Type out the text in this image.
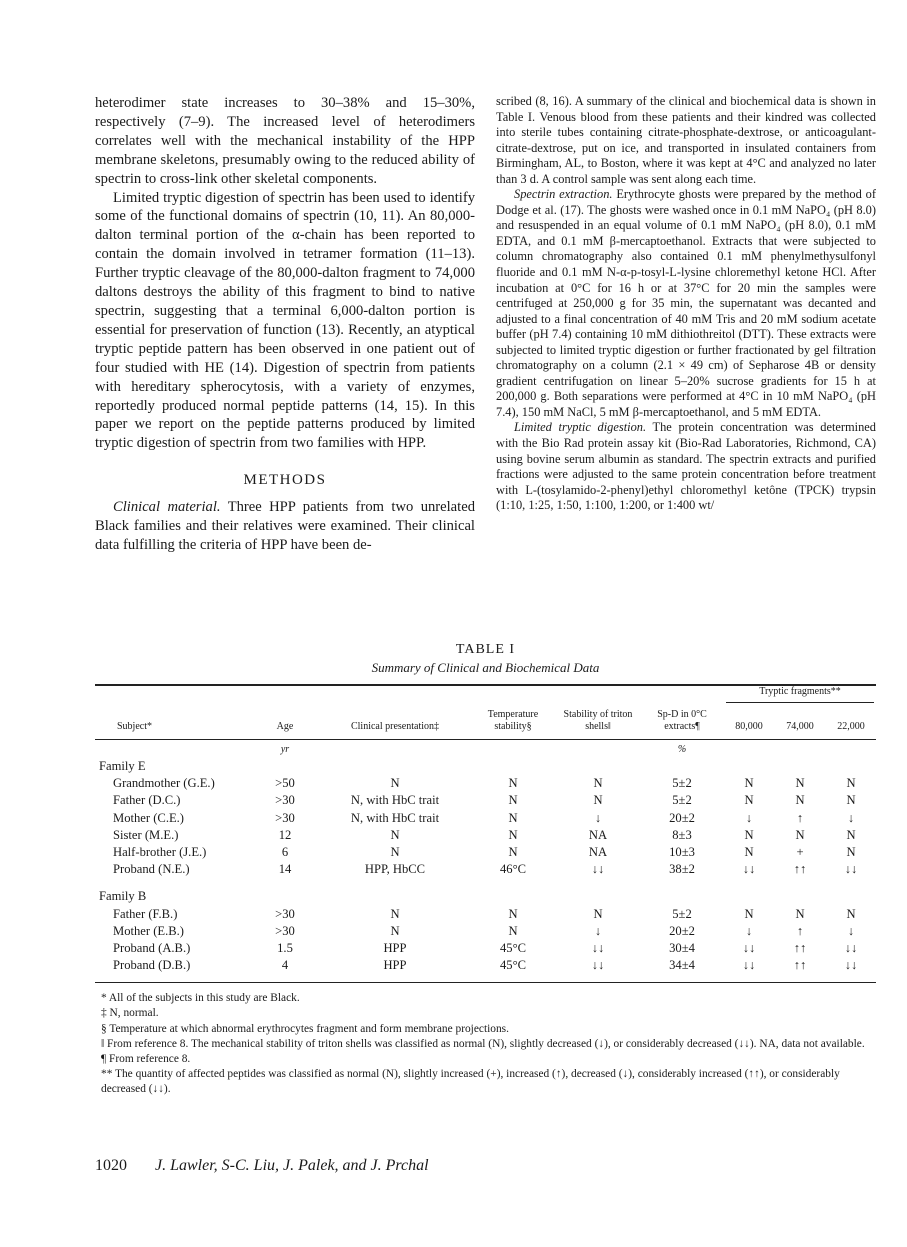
heterodimer state increases to 30–38% and 15–30%, respectively (7–9). The increased level of heterodimers correlates well with the mechanical instability of the HPP membrane skeletons, presumably owing to the reduced ability of spectrin to cross-link other skeletal components.

Limited tryptic digestion of spectrin has been used to identify some of the functional domains of spectrin (10, 11). An 80,000-dalton terminal portion of the α-chain has been reported to contain the domain involved in tetramer formation (11–13). Further tryptic cleavage of the 80,000-dalton fragment to 74,000 daltons destroys the ability of this fragment to bind to native spectrin, suggesting that a terminal 6,000-dalton portion is essential for preservation of function (13). Recently, an atyptical tryptic peptide pattern has been observed in one patient out of four studied with HE (14). Digestion of spectrin from patients with hereditary spherocytosis, with a variety of enzymes, reportedly produced normal peptide patterns (14, 15). In this paper we report on the peptide patterns produced by limited tryptic digestion of spectrin from two families with HPP.

METHODS

Clinical material. Three HPP patients from two unrelated Black families and their relatives were examined. Their clinical data fulfilling the criteria of HPP have been de-

scribed (8, 16). A summary of the clinical and biochemical data is shown in Table I. Venous blood from these patients and their kindred was collected into sterile tubes containing citrate-phosphate-dextrose, or anticoagulant-citrate-dextrose, put on ice, and transported in insulated containers from Birmingham, AL, to Boston, where it was kept at 4°C and analyzed no later than 3 d. A control sample was sent along each time.

Spectrin extraction. Erythrocyte ghosts were prepared by the method of Dodge et al. (17). The ghosts were washed once in 0.1 mM NaPO₄ (pH 8.0) and resuspended in an equal volume of 0.1 mM NaPO₄ (pH 8.0), 0.1 mM EDTA, and 0.1 mM β-mercaptoethanol. Extracts that were subjected to column chromatography also contained 0.1 mM phenylmethysulfonyl fluoride and 0.1 mM N-α-p-tosyl-L-lysine chloremethyl ketone HCl. After incubation at 0°C for 16 h or at 37°C for 20 min the samples were centrifuged at 250,000 g for 35 min, the supernatant was decanted and adjusted to a final concentration of 40 mM Tris and 20 mM sodium acetate buffer (pH 7.4) containing 10 mM dithiothreitol (DTT). These extracts were subjected to limited tryptic digestion or further fractionated by gel filtration chromatography on a column (2.1 × 49 cm) of Sepharose 4B or density gradient centrifugation on linear 5–20% sucrose gradients for 15 h at 200,000 g. Both separations were performed at 4°C in 10 mM NaPO₄ (pH 7.4), 150 mM NaCl, 5 mM β-mercaptoethanol, and 5 mM EDTA.

Limited tryptic digestion. The protein concentration was determined with the Bio Rad protein assay kit (Bio-Rad Laboratories, Richmond, CA) using bovine serum albumin as standard. The spectrin extracts and purified fractions were adjusted to the same protein concentration before treatment with L-(tosylamido-2-phenyl)ethyl chloromethyl ketône (TPCK) trypsin (1:10, 1:25, 1:50, 1:100, 1:200, or 1:400 wt/

TABLE I
Summary of Clinical and Biochemical Data

						Tryptic fragments**		

Subject*	Age	Clinical presentation‡	Temperature stability§	Stability of triton shells‖	Sp-D in 0°C extracts¶	80,000	74,000	22,000
	yr				%			
Family E								
Grandmother (G.E.)	>50	N	N	N	5±2	N	N	N
Father (D.C.)	>30	N, with HbC trait	N	N	5±2	N	N	N
Mother (C.E.)	>30	N, with HbC trait	N	↓	20±2	↓	↑	↓
Sister (M.E.)	12	N	N	NA	8±3	N	N	N
Half-brother (J.E.)	6	N	N	NA	10±3	N	+	N
Proband (N.E.)	14	HPP, HbCC	46°C	↓↓	38±2	↓↓	↑↑	↓↓
Family B								
Father (F.B.)	>30	N	N	N	5±2	N	N	N
Mother (E.B.)	>30	N	N	↓	20±2	↓	↑	↓
Proband (A.B.)	1.5	HPP	45°C	↓↓	30±4	↓↓	↑↑	↓↓
Proband (D.B.)	4	HPP	45°C	↓↓	34±4	↓↓	↑↑	↓↓

* All of the subjects in this study are Black.

‡ N, normal.

§ Temperature at which abnormal erythrocytes fragment and form membrane projections.

‖ From reference 8. The mechanical stability of triton shells was classified as normal (N), slightly decreased (↓), or considerably decreased (↓↓). NA, data not available.

¶ From reference 8.

** The quantity of affected peptides was classified as normal (N), slightly increased (+), increased (↑), decreased (↓), considerably increased (↑↑), or considerably decreased (↓↓).

1020 J. Lawler, S-C. Liu, J. Palek, and J. Prchal
